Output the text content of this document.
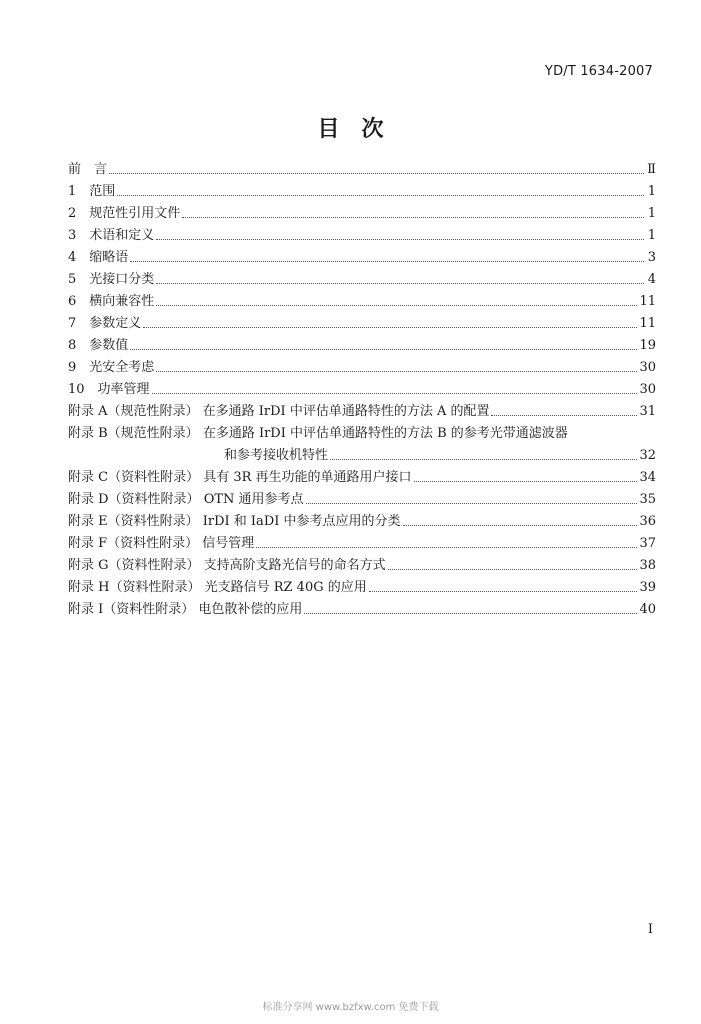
YD/T 1634-2007
目　次
前　言	Ⅱ
1　范围	1
2　规范性引用文件	1
3　术语和定义	1
4　缩略语	3
5　光接口分类	4
6　横向兼容性	11
7　参数定义	11
8　参数值	19
9　光安全考虑	30
10　功率管理	30
附录 A（规范性附录） 在多通路 IrDI 中评估单通路特性的方法 A 的配置	31
附录 B（规范性附录） 在多通路 IrDI 中评估单通路特性的方法 B 的参考光带通滤波器
和参考接收机特性	32
附录 C（资料性附录） 具有 3R 再生功能的单通路用户接口	34
附录 D（资料性附录） OTN 通用参考点	35
附录 E（资料性附录） IrDI 和 IaDI 中参考点应用的分类	36
附录 F（资料性附录） 信号管理	37
附录 G（资料性附录） 支持高阶支路光信号的命名方式	38
附录 H（资料性附录） 光支路信号 RZ 40G 的应用	39
附录 I（资料性附录） 电色散补偿的应用	40
I
标准分享网 www.bzfxw.com 免费下载
